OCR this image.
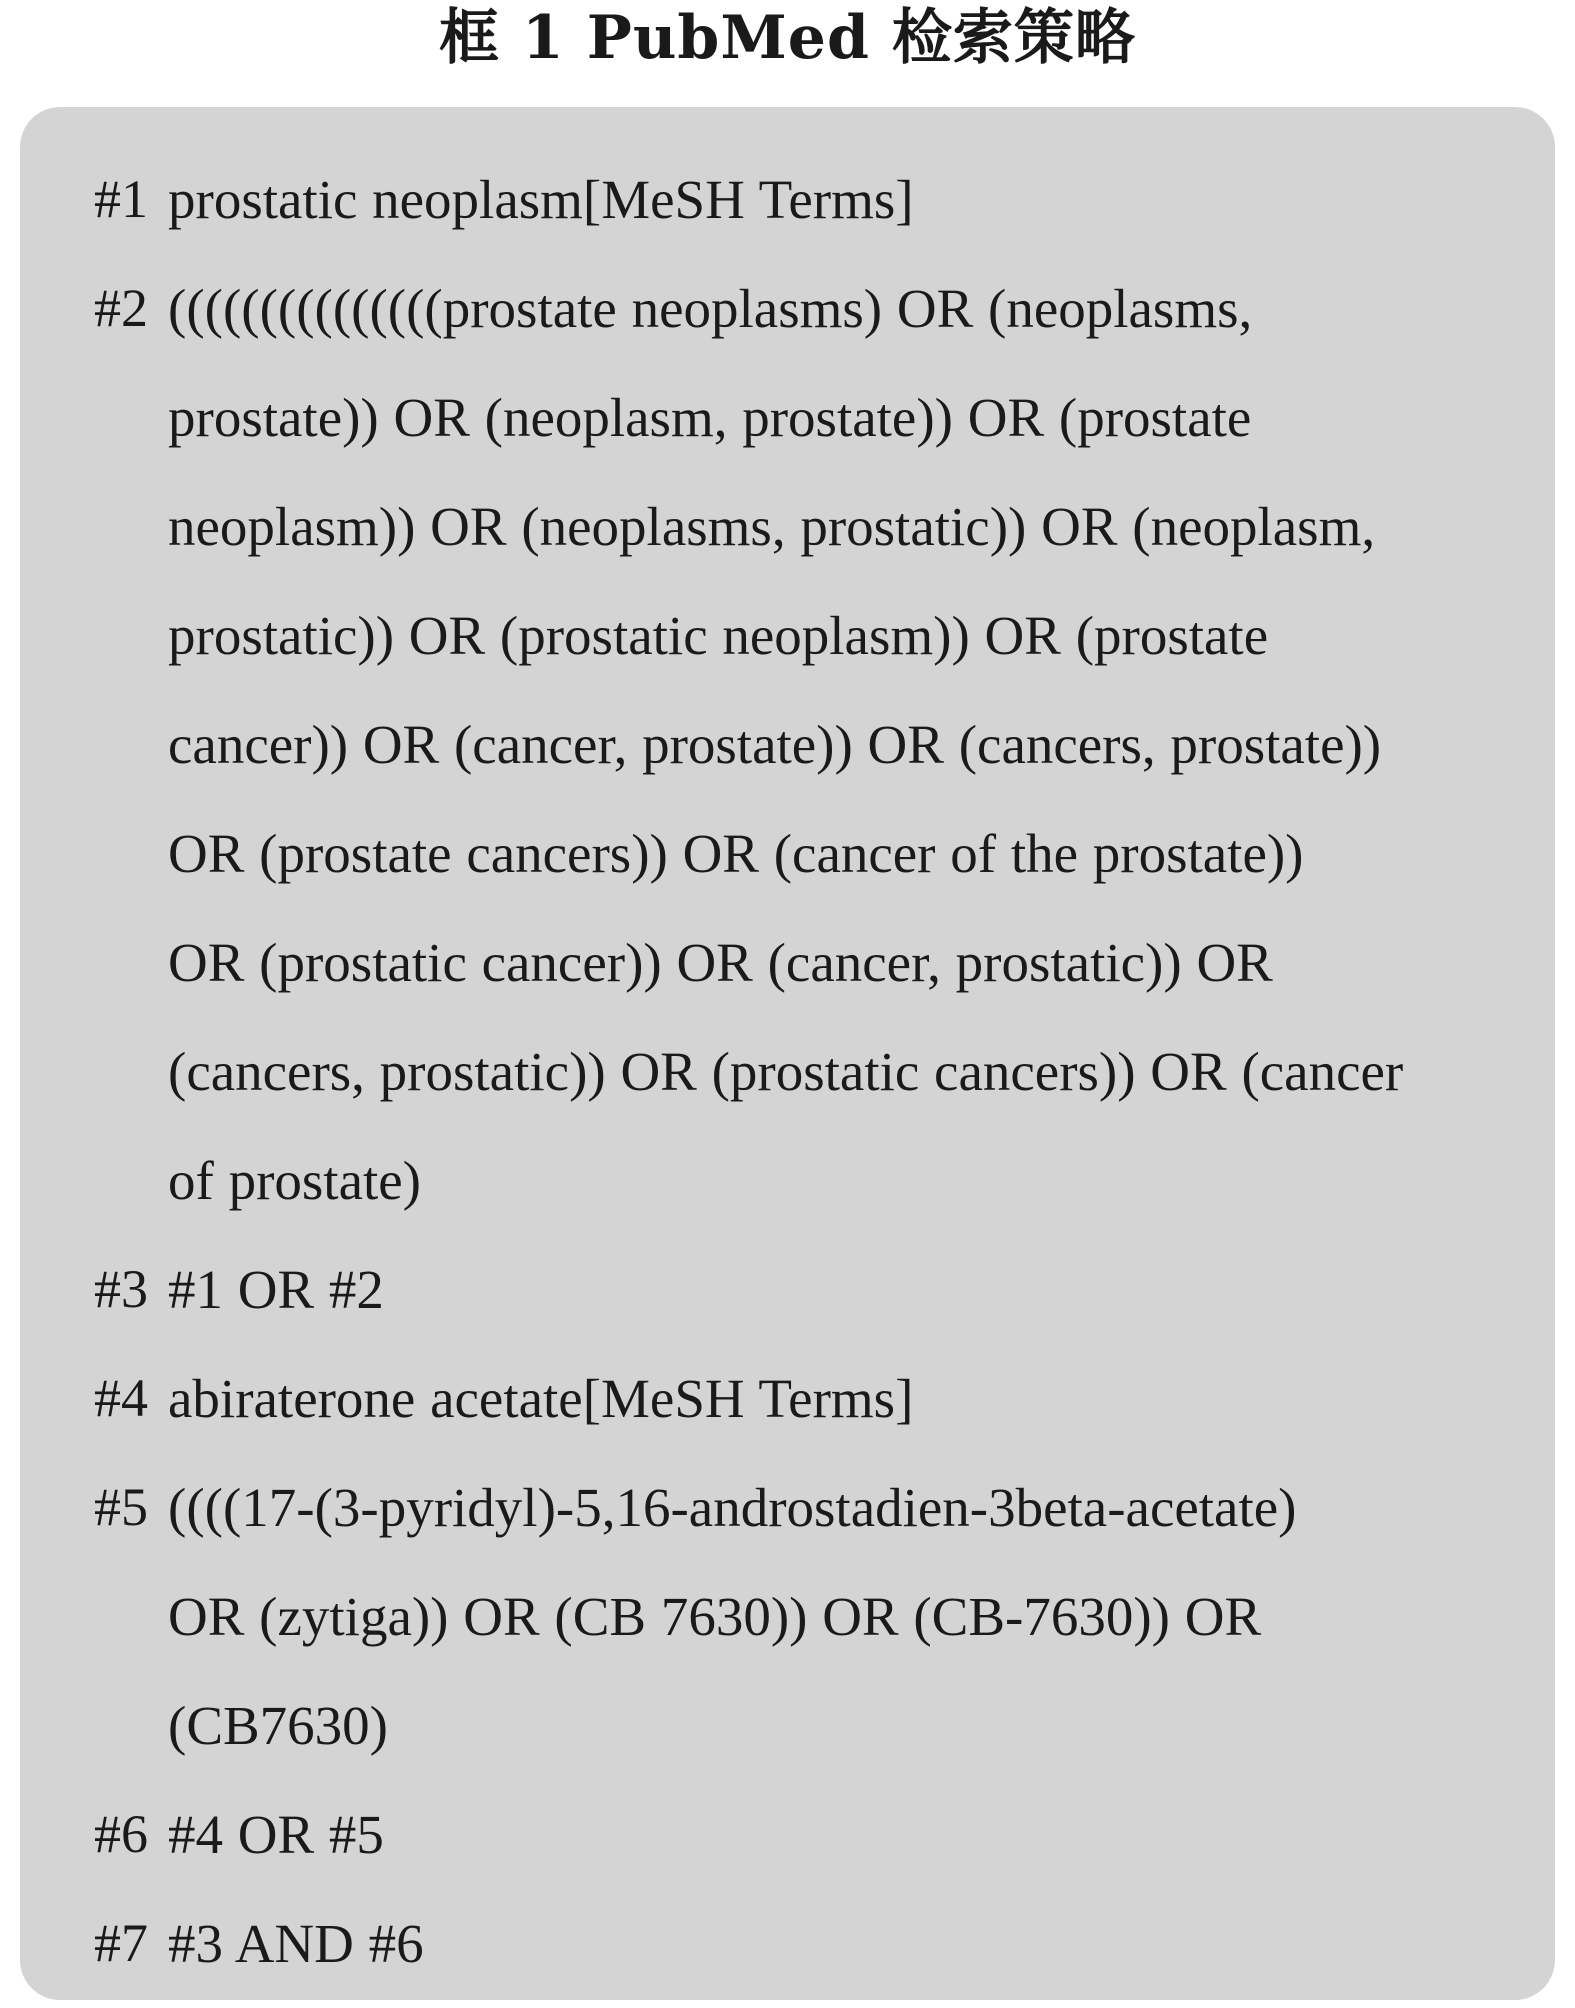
框 1 PubMed 检索策略
#1 prostatic neoplasm[MeSH Terms]
#2 (((((((((((((((prostate neoplasms) OR (neoplasms,
prostate)) OR (neoplasm, prostate)) OR (prostate
neoplasm)) OR (neoplasms, prostatic)) OR (neoplasm,
prostatic)) OR (prostatic neoplasm)) OR (prostate
cancer)) OR (cancer, prostate)) OR (cancers, prostate))
OR (prostate cancers)) OR (cancer of the prostate))
OR (prostatic cancer)) OR (cancer, prostatic)) OR
(cancers, prostatic)) OR (prostatic cancers)) OR (cancer
of prostate)
#3 #1 OR #2
#4 abiraterone acetate[MeSH Terms]
#5 ((((17-(3-pyridyl)-5,16-androstadien-3beta-acetate)
OR (zytiga)) OR (CB 7630)) OR (CB-7630)) OR
(CB7630)
#6 #4 OR #5
#7 #3 AND #6
